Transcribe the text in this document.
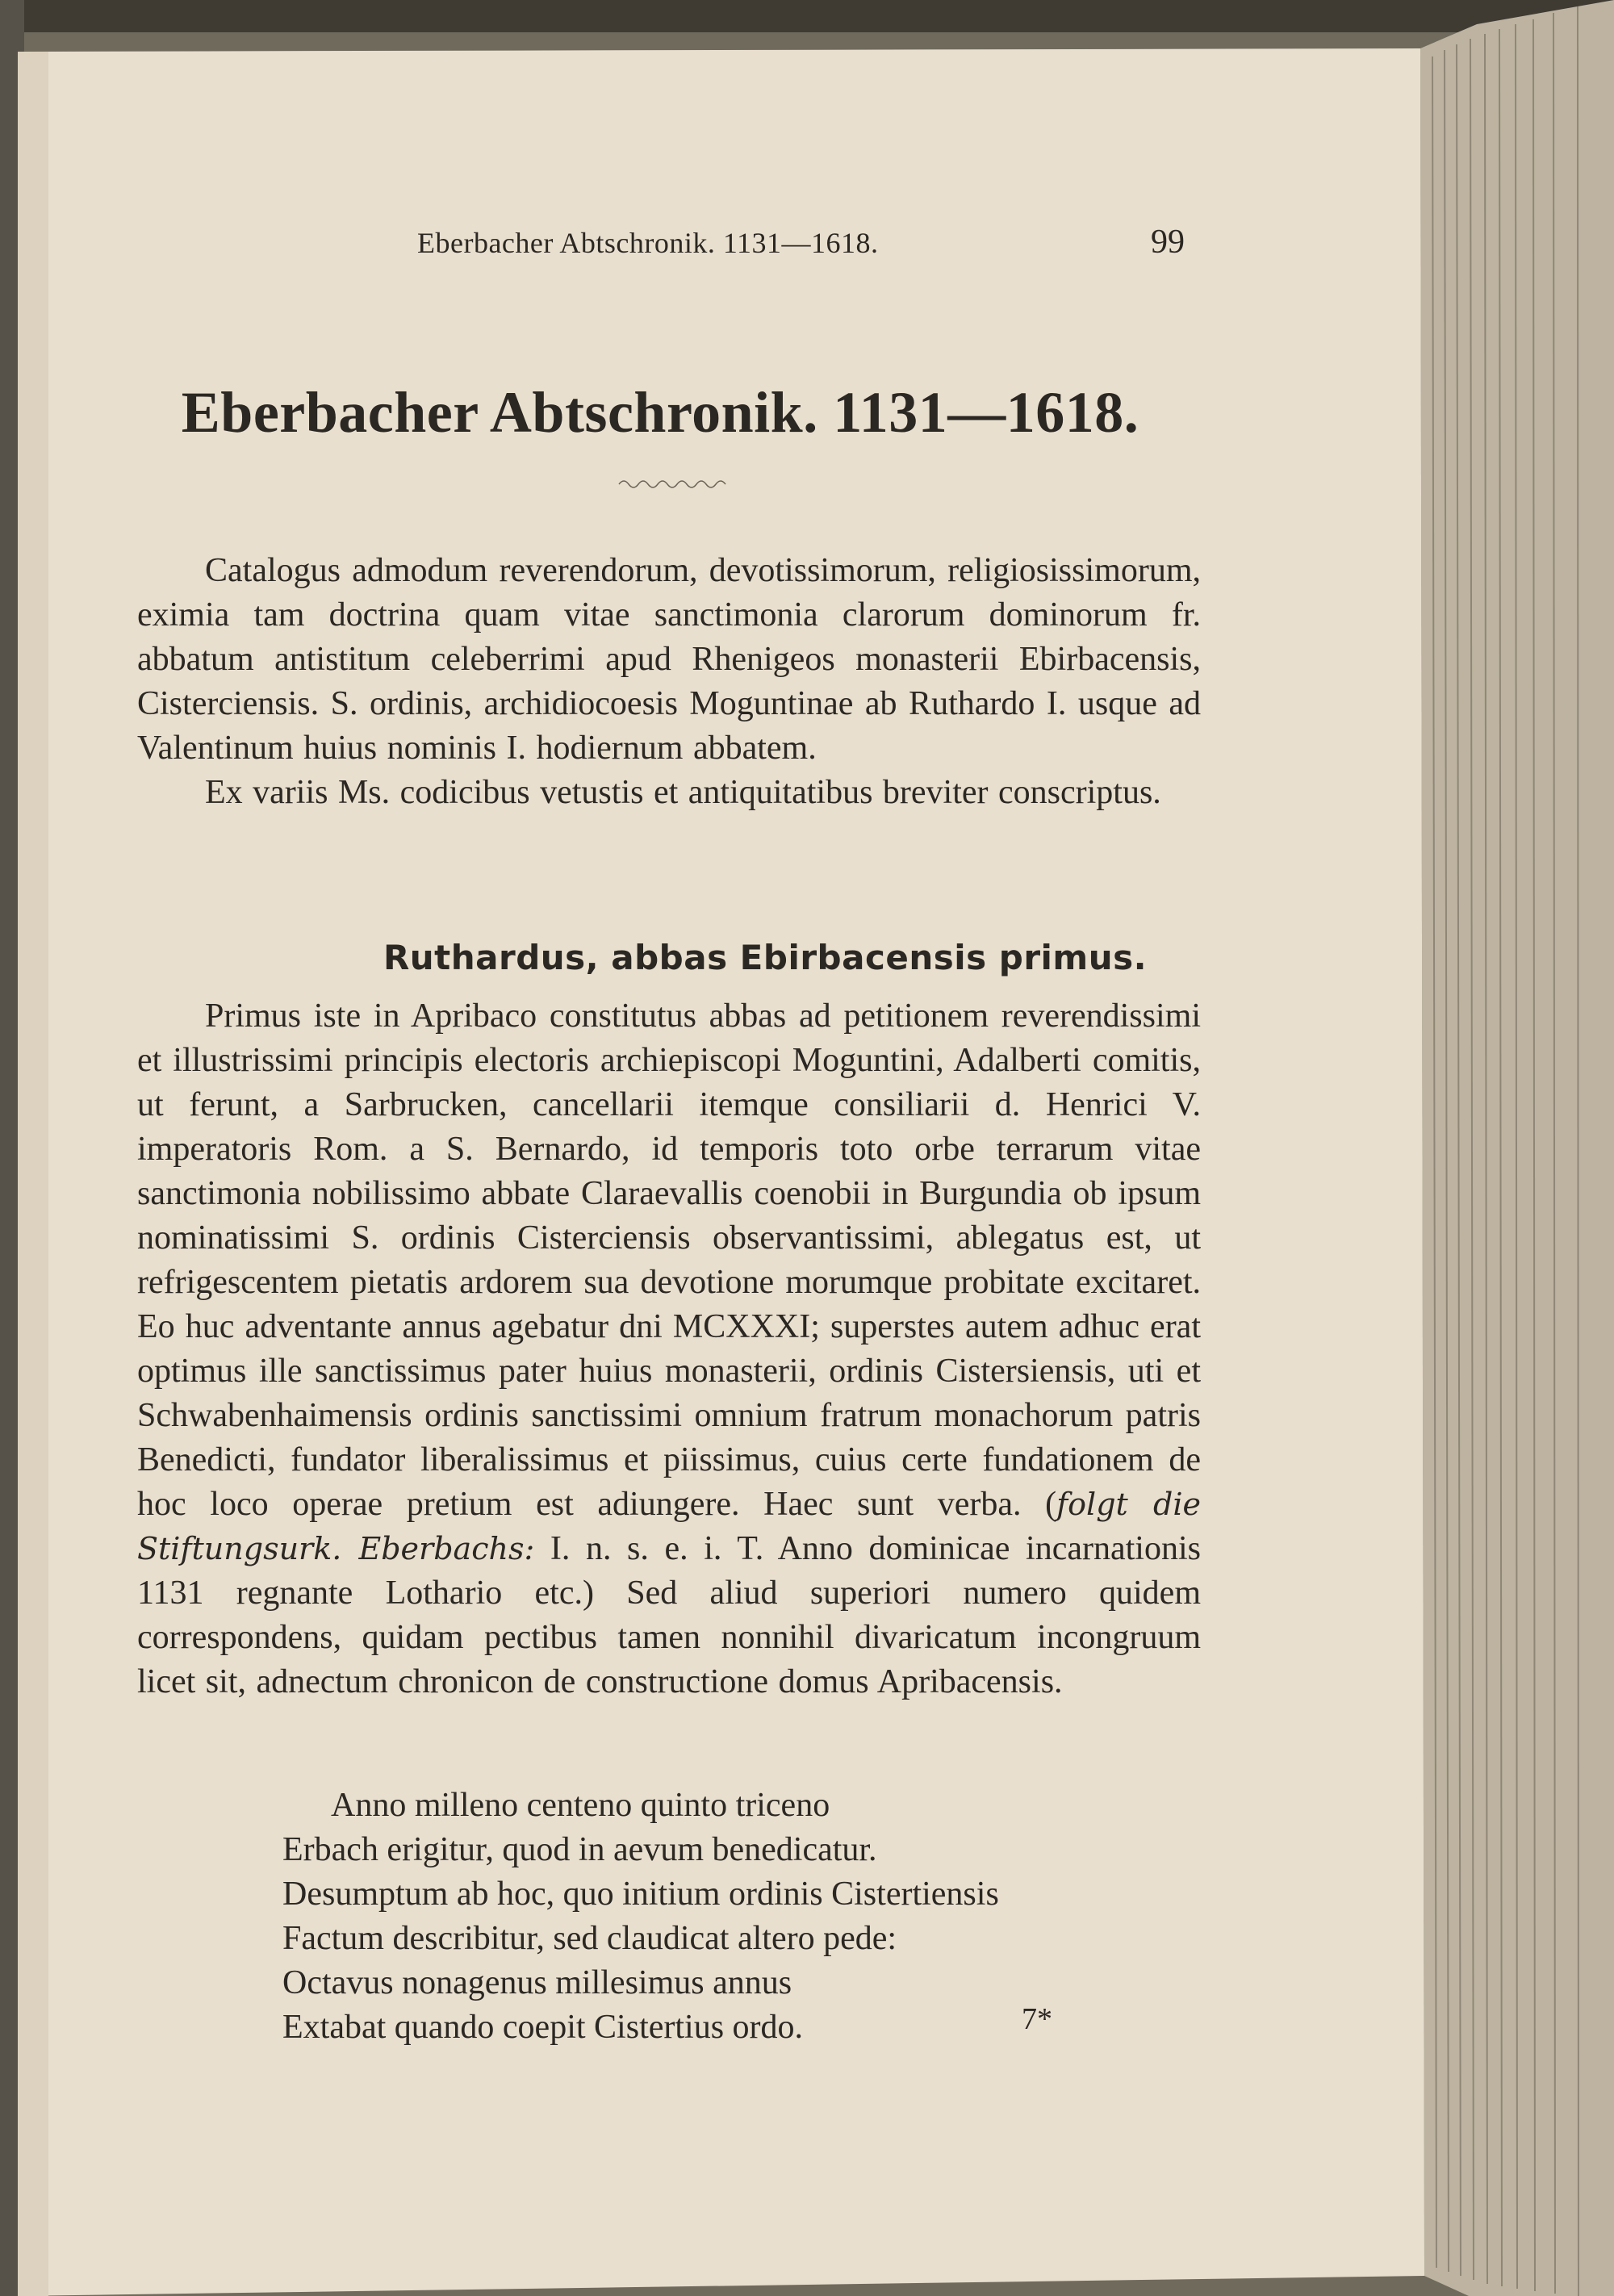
Eberbacher Abtschronik. 1131—1618.	99
Eberbacher Abtschronik. 1131—1618.

Catalogus admodum reverendorum, devotissimorum, religiosissimorum, eximia tam doctrina quam vitae sanctimonia clarorum dominorum fr. abbatum antistitum celeberrimi apud Rhenigeos monasterii Ebirbacensis, Cisterciensis. S. ordinis, archidiocoesis Moguntinae ab Ruthardo I. usque ad Valentinum huius nominis I. hodiernum abbatem.

Ex variis Ms. codicibus vetustis et antiquitatibus breviter conscriptus.

Ruthardus, abbas Ebirbacensis primus.

Primus iste in Apribaco constitutus abbas ad petitionem reverendissimi et illustrissimi principis electoris archiepiscopi Moguntini, Adalberti comitis, ut ferunt, a Sarbrucken, cancellarii itemque consiliarii d. Henrici V. imperatoris Rom. a S. Bernardo, id temporis toto orbe terrarum vitae sanctimonia nobilissimo abbate Claraevallis coenobii in Burgundia ob ipsum nominatissimi S. ordinis Cisterciensis observantissimi, ablegatus est, ut refrigescentem pietatis ardorem sua devotione morumque probitate excitaret. Eo huc adventante annus agebatur dni MCXXXI; superstes autem adhuc erat optimus ille sanctissimus pater huius monasterii, ordinis Cistersiensis, uti et Schwabenhaimensis ordinis sanctissimi omnium fratrum monachorum patris Benedicti, fundator liberalissimus et piissimus, cuius certe fundationem de hoc loco operae pretium est adiungere. Haec sunt verba. (folgt die Stiftungsurk. Eberbachs: I. n. s. e. i. T. Anno dominicae incarnationis 1131 regnante Lothario etc.) Sed aliud superiori numero quidem correspondens, quidam pectibus tamen nonnihil divaricatum incongruum licet sit, adnectum chronicon de constructione domus Apribacensis.

Anno milleno centeno quinto triceno
Erbach erigitur, quod in aevum benedicatur.
Desumptum ab hoc, quo initium ordinis Cistertiensis
Factum describitur, sed claudicat altero pede:
Octavus nonagenus millesimus annus
Extabat quando coepit Cistertius ordo.	7*
